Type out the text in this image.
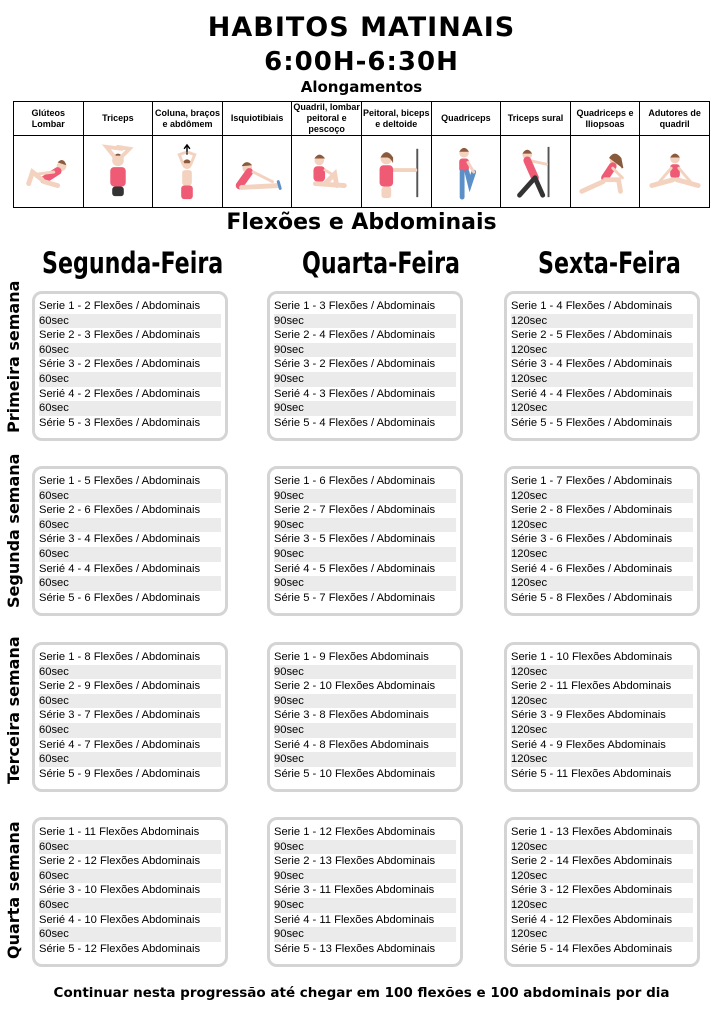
HABITOS MATINAIS
6:00H-6:30H
Alongamentos
Glúteos Lombar	Triceps	Coluna, braços e abdômem	Isquiotibiais	Quadril, lombar peitoral e pescoço	Peitoral, biceps e deltoide	Quadriceps	Triceps sural	Quadriceps e Iliopsoas	Adutores de quadril

Flexões e Abdominais
Segunda-Feira	Quarta-Feira	Sexta-Feira
Primeira semana
Segunda semana
Terceira semana
Quarta semana
Serie 1 - 2 Flexões / Abdominais
60sec
Serie 2 - 3 Flexões / Abdominais
60sec
Série 3 - 2 Flexões / Abdominais
60sec
Serié 4 - 2 Flexões / Abdominais
60sec
Série 5 - 3 Flexões / Abdominais
Serie 1 - 3 Flexões / Abdominais
90sec
Serie 2 - 4 Flexões / Abdominais
90sec
Série 3 - 2 Flexões / Abdominais
90sec
Serié 4 - 3 Flexões / Abdominais
90sec
Série 5 - 4 Flexões / Abdominais
Serie 1 - 4 Flexões / Abdominais
120sec
Serie 2 - 5 Flexões / Abdominais
120sec
Série 3 - 4 Flexões / Abdominais
120sec
Serié 4 - 4 Flexões / Abdominais
120sec
Série 5 - 5 Flexões / Abdominais
Serie 1 - 5 Flexões / Abdominais
60sec
Serie 2 - 6 Flexões / Abdominais
60sec
Série 3 - 4 Flexões / Abdominais
60sec
Serié 4 - 4 Flexões / Abdominais
60sec
Série 5 - 6 Flexões / Abdominais
Serie 1 - 6 Flexões / Abdominais
90sec
Serie 2 - 7 Flexões / Abdominais
90sec
Série 3 - 5 Flexões / Abdominais
90sec
Serié 4 - 5 Flexões / Abdominais
90sec
Série 5 - 7 Flexões / Abdominais
Serie 1 - 7 Flexões / Abdominais
120sec
Serie 2 - 8 Flexões / Abdominais
120sec
Série 3 - 6 Flexões / Abdominais
120sec
Serié 4 - 6 Flexões / Abdominais
120sec
Série 5 - 8 Flexões / Abdominais
Serie 1 - 8 Flexões / Abdominais
60sec
Serie 2 - 9 Flexões / Abdominais
60sec
Série 3 - 7 Flexões / Abdominais
60sec
Serié 4 - 7 Flexões / Abdominais
60sec
Série 5 - 9 Flexões / Abdominais
Serie 1 - 9 Flexões Abdominais
90sec
Serie 2 - 10 Flexões Abdominais
90sec
Série 3 - 8 Flexões Abdominais
90sec
Serié 4 - 8 Flexões Abdominais
90sec
Série 5 - 10 Flexões Abdominais
Serie 1 - 10 Flexões Abdominais
120sec
Serie 2 - 11 Flexões Abdominais
120sec
Série 3 - 9 Flexões Abdominais
120sec
Serié 4 - 9 Flexões Abdominais
120sec
Série 5 - 11 Flexões Abdominais
Serie 1 - 11 Flexões Abdominais
60sec
Serie 2 - 12 Flexões Abdominais
60sec
Série 3 - 10 Flexões Abdominais
60sec
Serié 4 - 10 Flexões Abdominais
60sec
Série 5 - 12 Flexões Abdominais
Serie 1 - 12 Flexões Abdominais
90sec
Serie 2 - 13 Flexões Abdominais
90sec
Série 3 - 11 Flexões Abdominais
90sec
Serié 4 - 11 Flexões Abdominais
90sec
Série 5 - 13 Flexões Abdominais
Serie 1 - 13 Flexões Abdominais
120sec
Serie 2 - 14 Flexões Abdominais
120sec
Série 3 - 12 Flexões Abdominais
120sec
Serié 4 - 12 Flexões Abdominais
120sec
Série 5 - 14 Flexões Abdominais
Continuar nesta progressão até chegar em 100 flexões e 100 abdominais por dia
